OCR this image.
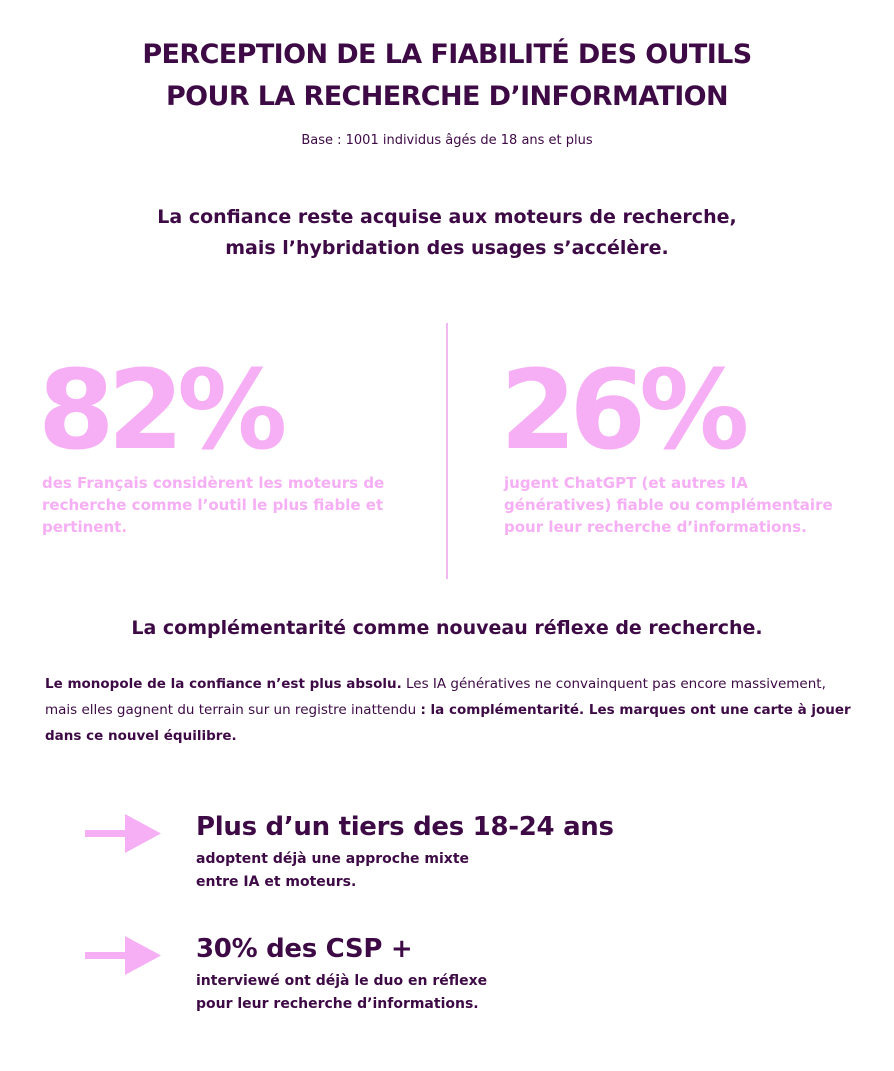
PERCEPTION DE LA FIABILITÉ DES OUTILS
POUR LA RECHERCHE D’INFORMATION
Base : 1001 individus âgés de 18 ans et plus
La confiance reste acquise aux moteurs de recherche,
mais l’hybridation des usages s’accélère.
82%
des Français considèrent les moteurs de recherche comme l’outil le plus fiable et pertinent.
26%
jugent ChatGPT (et autres IA génératives) fiable ou complémentaire pour leur recherche d’informations.
La complémentarité comme nouveau réflexe de recherche.
Le monopole de la confiance n’est plus absolu. Les IA génératives ne convainquent pas encore massivement, mais elles gagnent du terrain sur un registre inattendu : la complémentarité. Les marques ont une carte à jouer dans ce nouvel équilibre.
Plus d’un tiers des 18-24 ans
adoptent déjà une approche mixte
entre IA et moteurs.
30% des CSP +
interviewé ont déjà le duo en réflexe
pour leur recherche d’informations.
